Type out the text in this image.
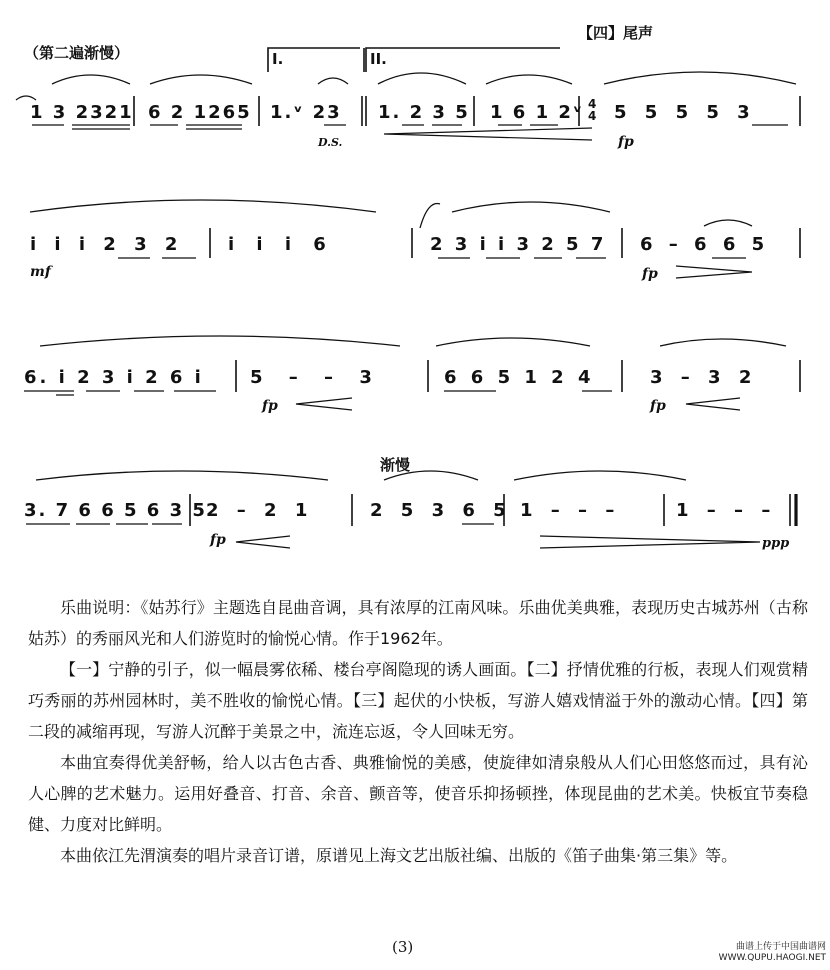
（第二遍渐慢）
【四】尾声
I.	II.
1 3 2321 6 2 1265 1.ᵛ 23
D.S.
1. 2 3 5 1 6 1 2ᵛ 4
4 5 5 5 5 3
fp
i i i 2 3 2
mf
i i i 6	2 3 i i 3 2 5 7 6 – 6 6 5
fp
6. i 2 3 i 2 6 i	5 – – 3
fp
6 6 5 1 2 4	3 – 3 2
fp
渐慢
3. 7 6 6 5 6 3 5 2 – 2 1
fp
2 5 3 6 5 1 – – –	1 – – –
ppp

乐曲说明：《姑苏行》主题选自昆曲音调，具有浓厚的江南风味。乐曲优美典雅，表现历史古城苏州（古称姑苏）的秀丽风光和人们游览时的愉悦心情。作于1962年。

【一】宁静的引子，似一幅晨雾依稀、楼台亭阁隐现的诱人画面。【二】抒情优雅的行板，表现人们观赏精巧秀丽的苏州园林时，美不胜收的愉悦心情。【三】起伏的小快板，写游人嬉戏情溢于外的激动心情。【四】第二段的减缩再现，写游人沉醉于美景之中，流连忘返，令人回味无穷。

本曲宜奏得优美舒畅，给人以古色古香、典雅愉悦的美感，使旋律如清泉般从人们心田悠悠而过，具有沁人心脾的艺术魅力。运用好叠音、打音、余音、颤音等，使音乐抑扬顿挫，体现昆曲的艺术美。快板宜节奏稳健、力度对比鲜明。

本曲依江先渭演奏的唱片录音订谱，原谱见上海文艺出版社编、出版的《笛子曲集·第三集》等。

(3)	曲谱上传于中国曲谱网
WWW.QUPU.HAOGI.NET
